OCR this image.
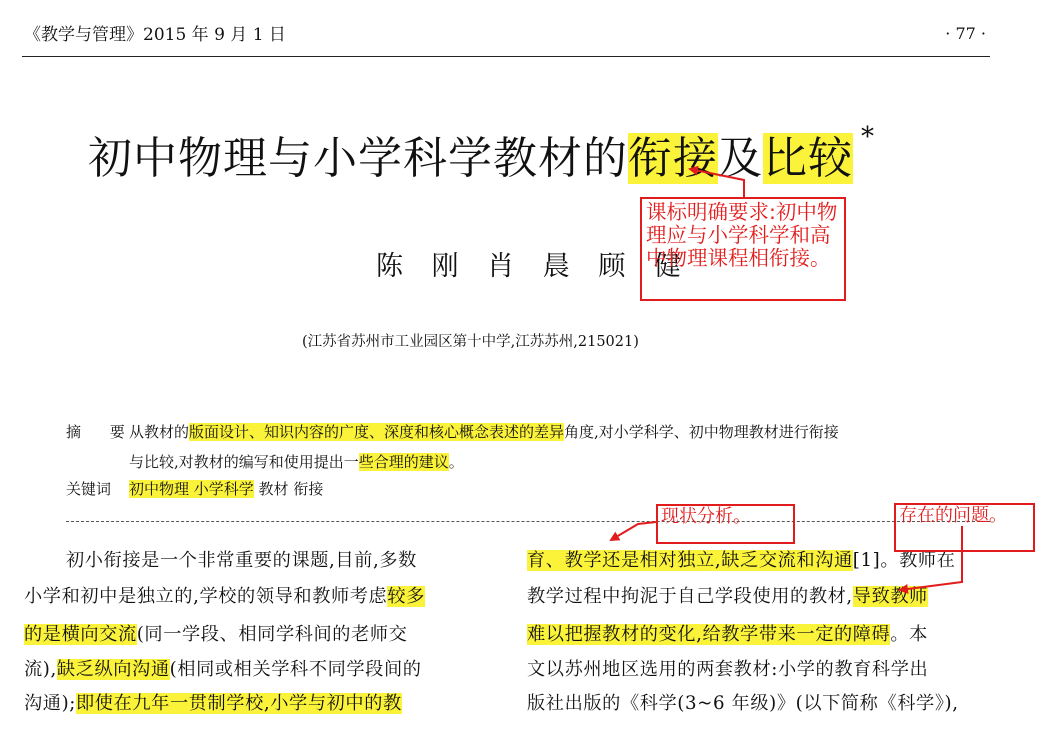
《教学与管理》2015 年 9 月 1 日	· 77 ·
初中物理与小学科学教材的衔接及比较 *
陈 刚 肖 晨 顾 健
(江苏省苏州市工业园区第十中学,江苏苏州,215021)
摘 要从教材的版面设计、知识内容的广度、深度和核心概念表述的差异角度,对小学科学、初中物理教材进行衔接
与比较,对教材的编写和使用提出一些合理的建议。
关键词 初中物理 小学科学 教材 衔接
初小衔接是一个非常重要的课题,目前,多数
小学和初中是独立的,学校的领导和教师考虑较多
的是横向交流(同一学段、相同学科间的老师交
流),缺乏纵向沟通(相同或相关学科不同学段间的
沟通);即使在九年一贯制学校,小学与初中的教
育、教学还是相对独立,缺乏交流和沟通[1]。教师在
教学过程中拘泥于自己学段使用的教材,导致教师
难以把握教材的变化,给教学带来一定的障碍。本
文以苏州地区选用的两套教材:小学的教育科学出
版社出版的《科学(3~6 年级)》(以下简称《科学》),
课标明确要求:初中物理应与小学科学和高中物理课程相衔接。
现状分析。	存在的问题。
